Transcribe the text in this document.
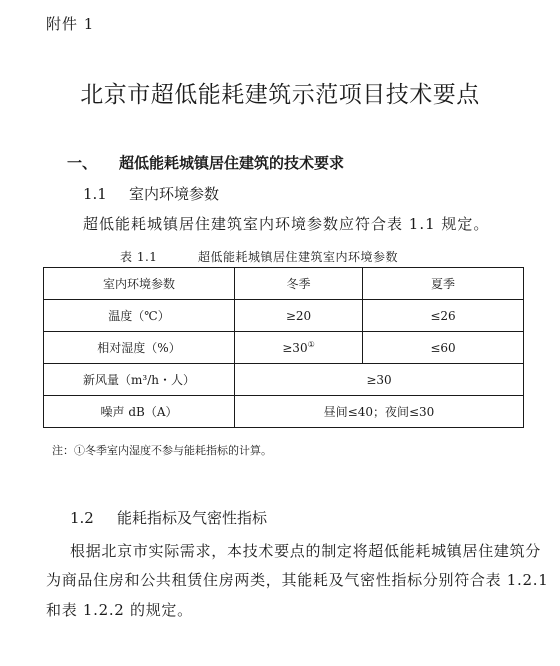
附件 1
北京市超低能耗建筑示范项目技术要点
一、 超低能耗城镇居住建筑的技术要求
1.1 室内环境参数
超低能耗城镇居住建筑室内环境参数应符合表 1.1 规定。
表 1.1	超低能耗城镇居住建筑室内环境参数
室内环境参数	冬季	夏季
温度（℃）	≥20	≤26
相对湿度（%）	≥30①	≤60
新风量（m³/h・人）	≥30	
噪声 dB（A）	昼间≤40；夜间≤30	
注：①冬季室内湿度不参与能耗指标的计算。
1.2 能耗指标及气密性指标
根据北京市实际需求，本技术要点的制定将超低能耗城镇居住建筑分
为商品住房和公共租赁住房两类，其能耗及气密性指标分别符合表 1.2.1
和表 1.2.2 的规定。
